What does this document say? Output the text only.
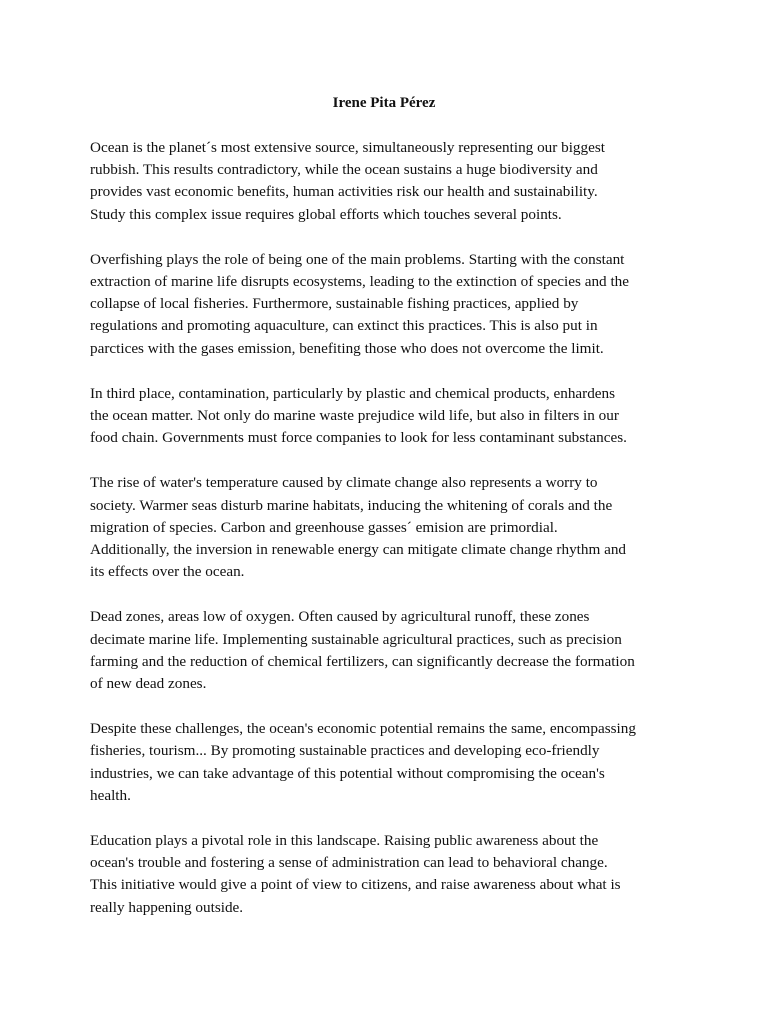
Irene Pita Pérez

Ocean is the planet´s most extensive source, simultaneously representing our biggest
rubbish. This results contradictory, while the ocean sustains a huge biodiversity and
provides vast economic benefits, human activities risk our health and sustainability.
Study this complex issue requires global efforts which touches several points.

Overfishing plays the role of being one of the main problems. Starting with the constant
extraction of marine life disrupts ecosystems, leading to the extinction of species and the
collapse of local fisheries. Furthermore, sustainable fishing practices, applied by
regulations and promoting aquaculture, can extinct this practices. This is also put in
parctices with the gases emission, benefiting those who does not overcome the limit.

In third place, contamination, particularly by plastic and chemical products, enhardens
the ocean matter. Not only do marine waste prejudice wild life, but also in filters in our
food chain. Governments must force companies to look for less contaminant substances.

The rise of water's temperature caused by climate change also represents a worry to
society. Warmer seas disturb marine habitats, inducing the whitening of corals and the
migration of species. Carbon and greenhouse gasses´ emision are primordial.
Additionally, the inversion in renewable energy can mitigate climate change rhythm and
its effects over the ocean.

Dead zones, areas low of oxygen. Often caused by agricultural runoff, these zones
decimate marine life. Implementing sustainable agricultural practices, such as precision
farming and the reduction of chemical fertilizers, can significantly decrease the formation
of new dead zones.

Despite these challenges, the ocean's economic potential remains the same, encompassing
fisheries, tourism... By promoting sustainable practices and developing eco-friendly
industries, we can take advantage of this potential without compromising the ocean's
health.

Education plays a pivotal role in this landscape. Raising public awareness about the
ocean's trouble and fostering a sense of administration can lead to behavioral change.
This initiative would give a point of view to citizens, and raise awareness about what is
really happening outside.
